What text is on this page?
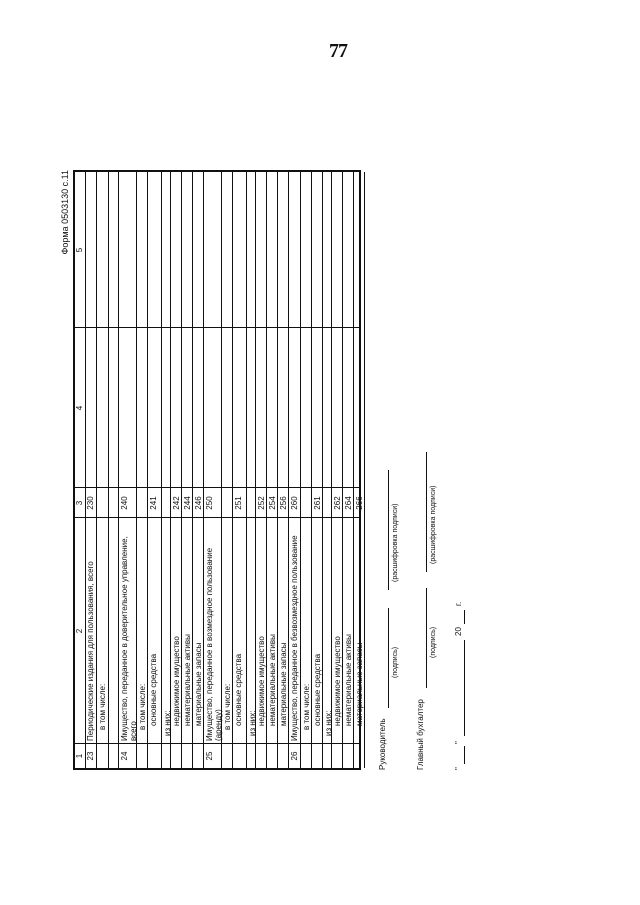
77
Форма 0503130 с.11
1
2
3
4
5
23
Периодические издания для пользования, всего
230
в том числе:
24
Имущество, переданное в доверительное управление, всего
240
в том числе: основные средства
241
из них: недвижимое имущество
242
нематериальные активы
244
материальные запасы
246
25
Имущество, переданное в возмездное пользование (аренду)
250
в том числе: основные средства
251
из них: недвижимое имущество
252
нематериальные активы
254
материальные запасы
256
26
Имущество, переданное в безвозмездное пользование
260
в том числе: основные средства
261
из них: недвижимое имущество
262
нематериальные активы
264
материальные запасы
266
Руководитель
(подпись)
(расшифровка подписи)
Главный бухгалтер
(подпись)
(расшифровка подписи)
"
"
20
г.
